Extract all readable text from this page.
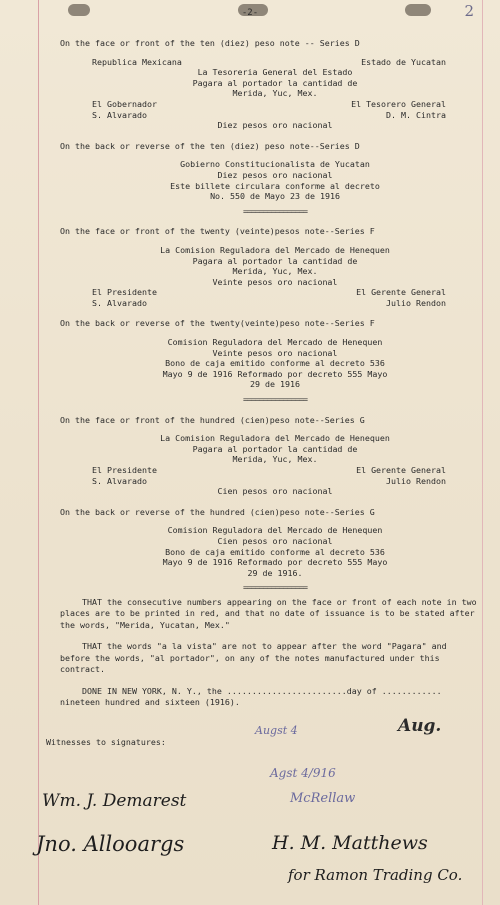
-2-	2
On the face or front of the ten (diez) peso note -- Series D
Republica Mexicana	Estado de Yucatan
La Tesoreria General del Estado
Pagara al portador la cantidad de
Merida, Yuc, Mex.
El Gobernador	El Tesorero General
S. Alvarado	D. M. Cintra
Diez pesos oro nacional
On the back or reverse of the ten (diez) peso note--Series D
Gobierno Constitucionalista de Yucatan
Diez pesos oro nacional
Este billete circulara conforme al decreto
No. 550 de Mayo 23 de 1916
================
On the face or front of the twenty (veinte)pesos note--Series F
La Comision Reguladora del Mercado de Henequen
Pagara al portador la cantidad de
Merida, Yuc, Mex.
Veinte pesos oro nacional
El Presidente	El Gerente General
S. Alvarado	Julio Rendon
On the back or reverse of the twenty(veinte)peso note--Series F
Comision Reguladora del Mercado de Henequen
Veinte pesos oro nacional
Bono de caja emitido conforme al decreto 536
Mayo 9 de 1916 Reformado por decreto 555 Mayo
29 de 1916
================
On the face or front of the hundred (cien)peso note--Series G
La Comision Reguladora del Mercado de Henequen
Pagara al portador la cantidad de
Merida, Yuc, Mex.
El Presidente	El Gerente General
S. Alvarado	Julio Rendon
Cien pesos oro nacional
On the back or reverse of the hundred (cien)peso note--Series G
Comision Reguladora del Mercado de Henequen
Cien pesos oro nacional
Bono de caja emitido conforme al decreto 536
Mayo 9 de 1916 Reformado por decreto 555 Mayo
29 de 1916.
================
THAT the consecutive numbers appearing on the face or front of each note in two places are to be printed in red, and that no date of issuance is to be stated after the words, "Merida, Yucatan, Mex."
THAT the words "a la vista" are not to appear after the word "Pagara" and before the words, "al portador", on any of the notes manufactured under this contract.
DONE IN NEW YORK, N. Y., the ........................day of ............ nineteen hundred and sixteen (1916).
Witnesses to signatures:
Augst 4	Aug.
Agst 4/916
Wm. J. Demarest	McRellaw
Jno. Allooargs	H. M. Matthews
for Ramon Trading Co.
